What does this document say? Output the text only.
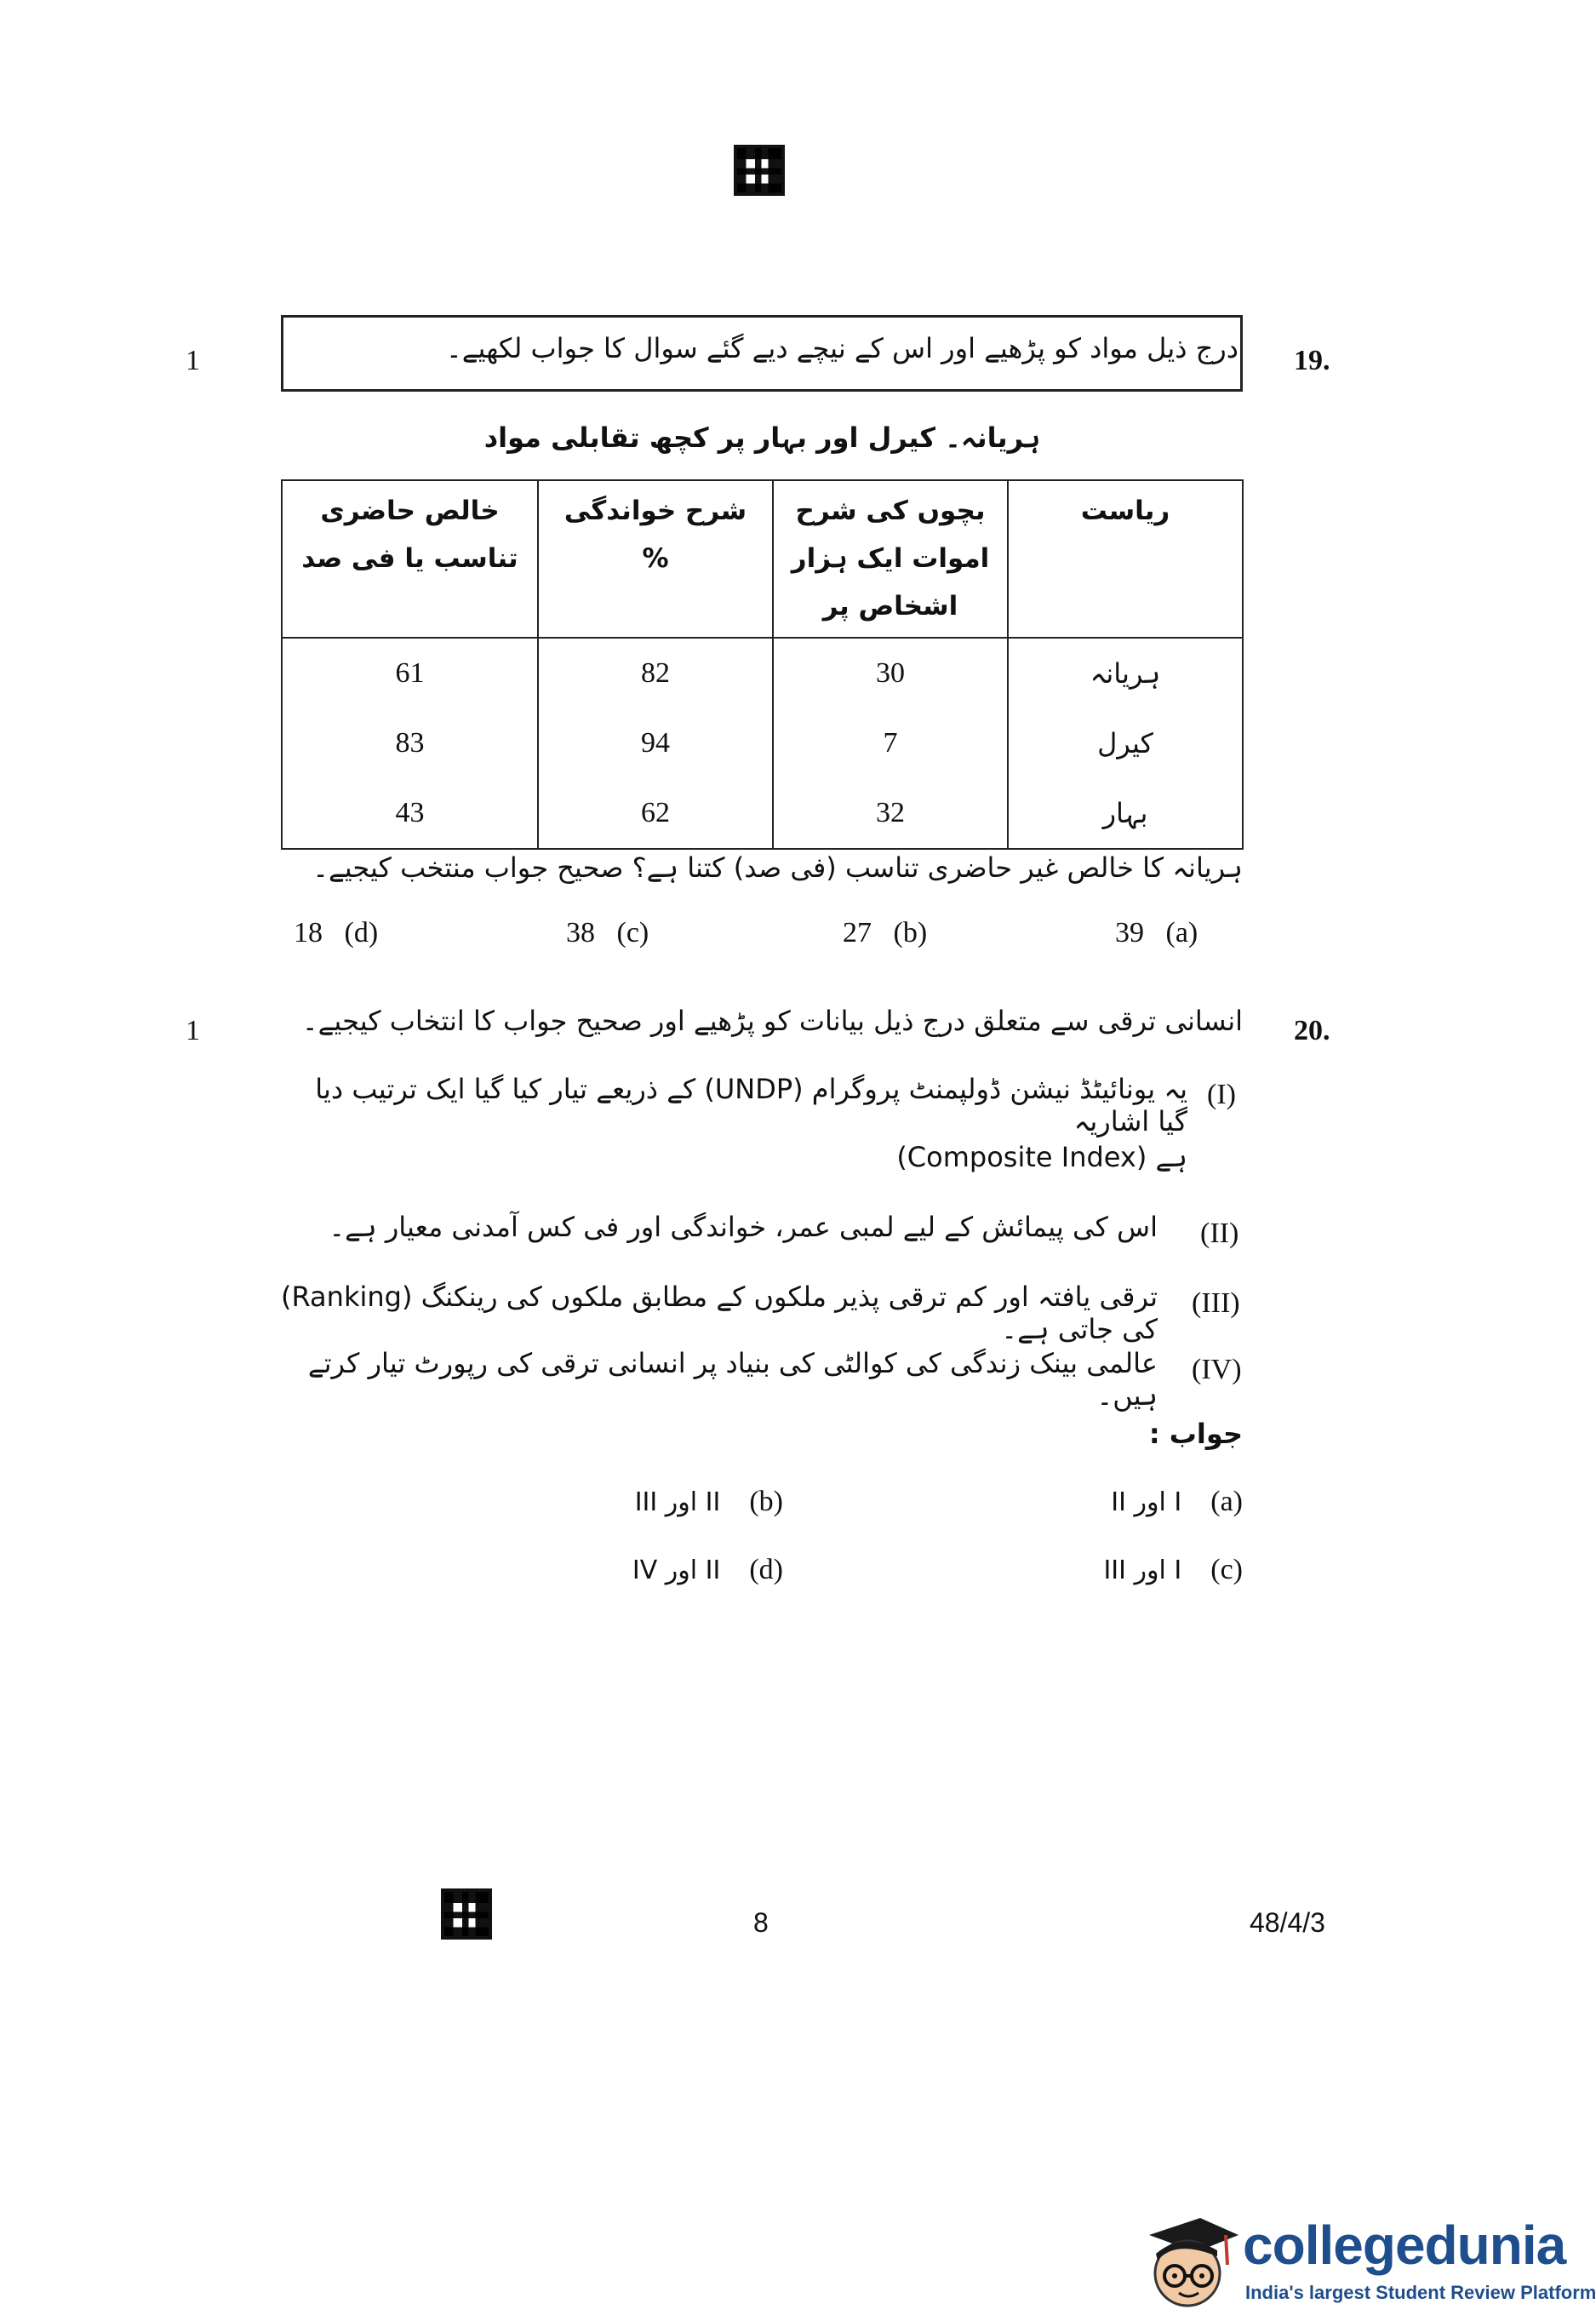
1	درج ذیل مواد کو پڑھیے اور اس کے نیچے دیے گئے سوال کا جواب لکھیے۔ 19.
ہریانہ۔ کیرل اور بہار پر کچھ تقابلی مواد
ریاست	بچوں کی شرح اموات ایک ہزار اشخاص پر	شرح خواندگی %	خالص حاضری تناسب یا فی صد
ہریانہ	30	82	61
کیرل	7	94	83
بہار	32	62	43
ہریانہ کا خالص غیر حاضری تناسب (فی صد) کتنا ہے؟ صحیح جواب منتخب کیجیے۔
39 (a)
27 (b)
38 (c)
18 (d)
1	20.
انسانی ترقی سے متعلق درج ذیل بیانات کو پڑھیے اور صحیح جواب کا انتخاب کیجیے۔
(I)
یہ یونائیٹڈ نیشن ڈولپمنٹ پروگرام (UNDP) کے ذریعے تیار کیا گیا ایک ترتیب دیا گیا اشاریہ
(Composite Index) ہے
(II)
اس کی پیمائش کے لیے لمبی عمر، خواندگی اور فی کس آمدنی معیار ہے۔
(III)
ترقی یافتہ اور کم ترقی پذیر ملکوں کے مطابق ملکوں کی رینکنگ (Ranking) کی جاتی ہے۔
(IV)
عالمی بینک زندگی کی کوالٹی کی بنیاد پر انسانی ترقی کی رپورٹ تیار کرتے ہیں۔
جواب :
(a)    I اور II
(b)    II اور III
(c)    I اور III
(d)    II اور IV
8	48/4/3
collegedunia
India's largest Student Review Platform
